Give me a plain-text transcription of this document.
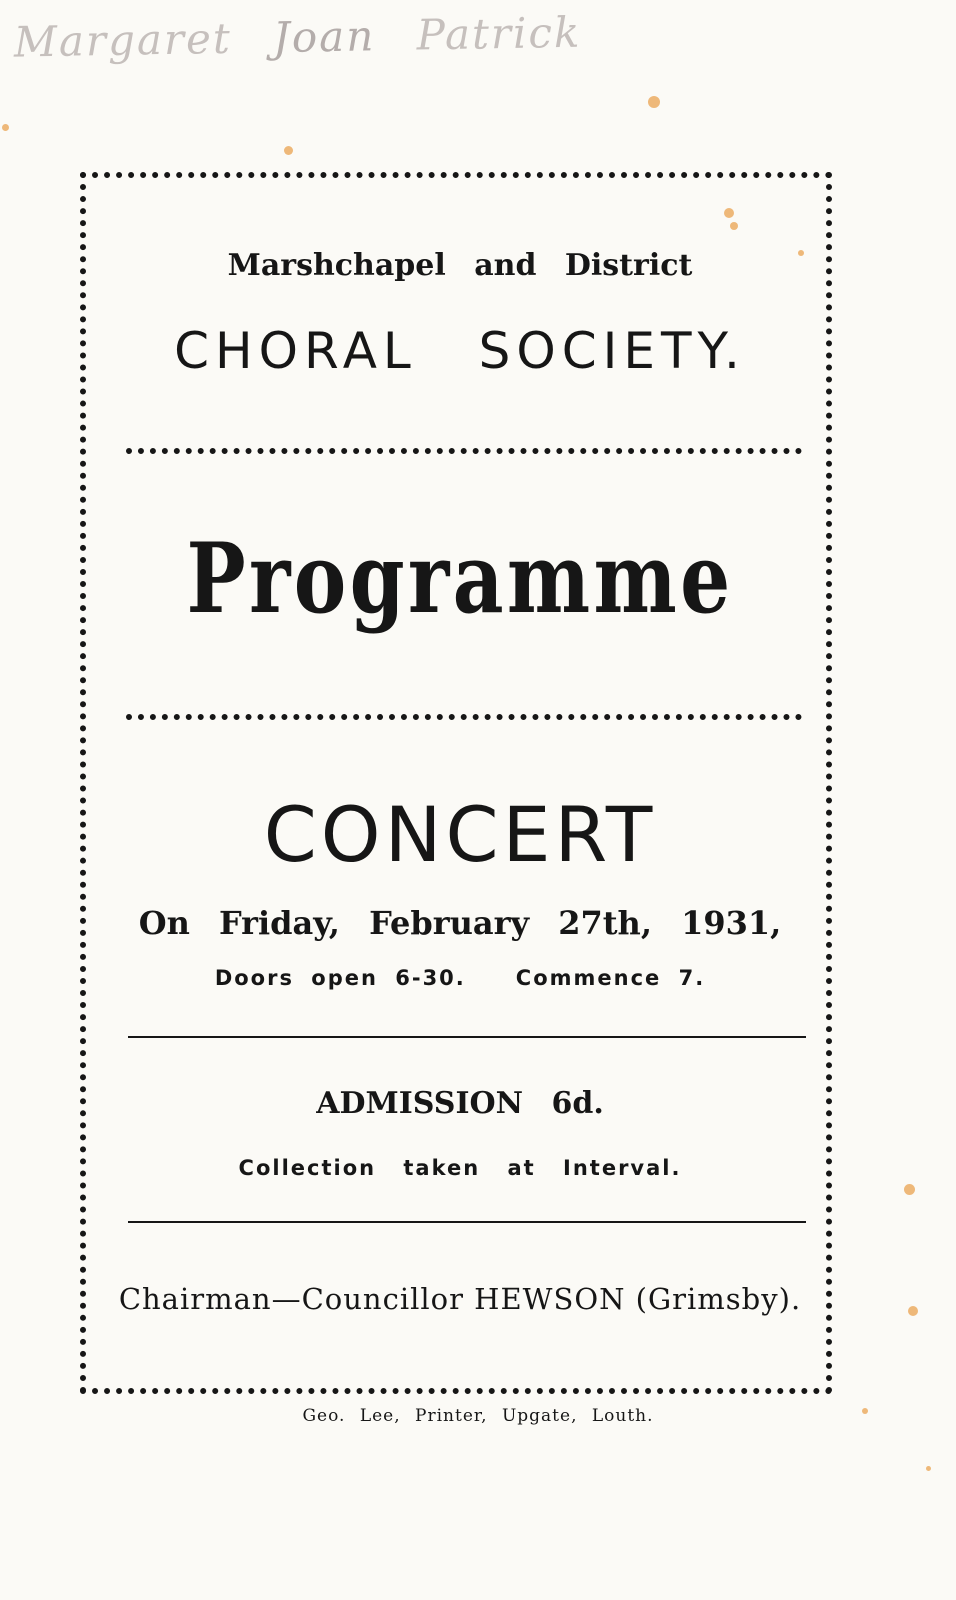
Margaret Joan Patrick
Marshchapel and District
CHORAL SOCIETY.
Programme
CONCERT
On Friday, February 27th, 1931,
Doors open 6-30. Commence 7.
ADMISSION 6d.
Collection taken at Interval.
Chairman—Councillor HEWSON (Grimsby).
Geo. Lee, Printer, Upgate, Louth.
